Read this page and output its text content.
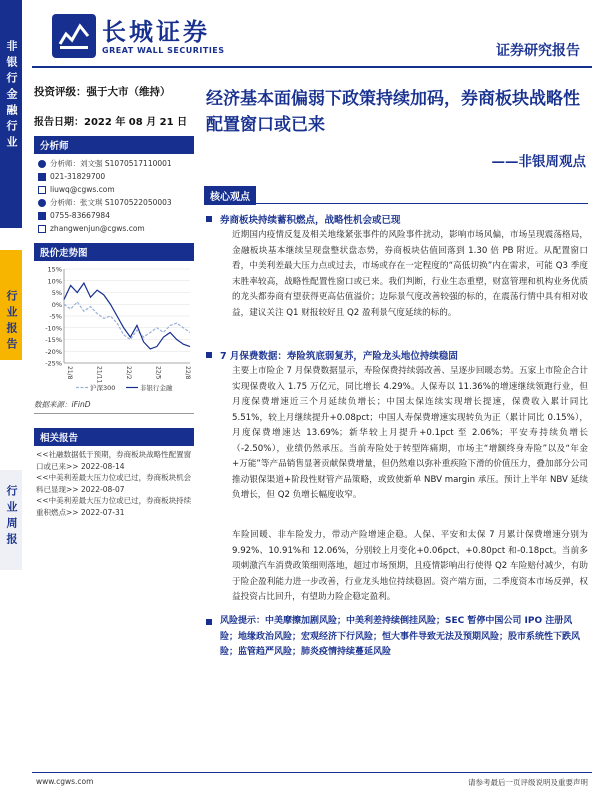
非银行金融行业
行业报告
行业周报
长城证券
GREAT WALL SECURITIES	证券研究报告
投资评级：强于大市（维持）
报告日期：2022 年 08 月 21 日
分析师
分析师：刘文强 S1070517110001
021-31829700
liuwq@cgws.com
分析师：张文琪 S1070522050003
0755-83667984
zhangwenjun@cgws.com
股价走势图
15%
10%
5%
0%
-5%
-10%
-15%
-20%
-25%
21/8	21/11	22/2	22/5	22/8
沪深300	非银行金融
数据来源：iFinD
相关报告
<<社融数据低于预期，券商板块战略性配置窗口或已来>> 2022-08-14
<<中美利差最大压力位或已过，券商板块机会料已显现>> 2022-08-07
<<中美利差最大压力位或已过，券商板块持续重积燃点>> 2022-07-31
经济基本面偏弱下政策持续加码，券商板块战略性配置窗口或已来
——非银周观点
核心观点
券商板块持续蓄积燃点，战略性机会或已现
近期国内疫情反复及相关地缘紧张事件的风险事件扰动，影响市场风偏，市场呈现震荡格局，金融板块基本继续呈现盘整状盘态势，券商板块估值回落到 1.30 倍 PB 附近。从配置窗口看，中美利差最大压力点或过去，市场或存在一定程度的“高低切换”内在需求，可能 Q3 季度末胜率较高，战略性配置性窗口或已来。我们判断，行业生态重塑，财富管理和机构业务优质的龙头都券商有望获得更高估值溢价；边际景气度改善较强的标的，在震荡行情中具有相对收益，建议关注 Q1 财报较好且 Q2 盈利景气度延续的标的。
7 月保费数据：寿险筑底弱复苏，产险龙头地位持续稳固
主要上市险企 7 月保费数据显示，寿险保费持续弱改善、呈逐步回暖态势。五家上市险企合计实现保费收入 1.75 万亿元，同比增长 4.29%。人保寿以 11.36%的增速继续领跑行业，但月度保费增速近三个月延续负增长；中国太保连续实现增长提速，保费收入累计同比 5.51%，较上月继续提升+0.08pct；中国人寿保费增速实现转负为正（累计同比 0.15%），月度保费增速达 13.69%；新华较上月提升+0.1pct 至 2.06%；平安寿持续负增长（-2.50%），业绩仍然承压。当前寿险处于转型阵痛期，市场主“增额终身寿险”以及“年金+万能”等产品销售显著贡献保费增量，但仍然难以弥补重疾险下滑的价值压力，叠加部分公司推动银保渠道+阶段性财管产品策略，或致使新单 NBV margin 承压。预计上半年 NBV 延续负增长，但 Q2 负增长幅度收窄。
车险回暖、非车险发力，带动产险增速企稳。人保、平安和太保 7 月累计保费增速分别为 9.92%、10.91%和 12.06%，分别较上月变化+0.06pct、+0.80pct 和-0.18pct。当前多项刺激汽车消费政策细则落地，超过市场预期，且疫情影响出行使得 Q2 车险赔付减少，有助于险企盈利能力进一步改善，行业龙头地位持续稳固。资产端方面，二季度资本市场反弹，权益投资占比回升，有望助力险企稳定盈利。
风险提示：中美摩擦加剧风险；中美利差持续倒挂风险；SEC 暂停中国公司 IPO 注册风险；地缘政治风险；宏观经济下行风险；恒大事件导致无法及预期风险；股市系统性下跌风险；监管趋严风险；肺炎疫情持续蔓延风险
www.cgws.com	请参考最后一页评级说明及重要声明
